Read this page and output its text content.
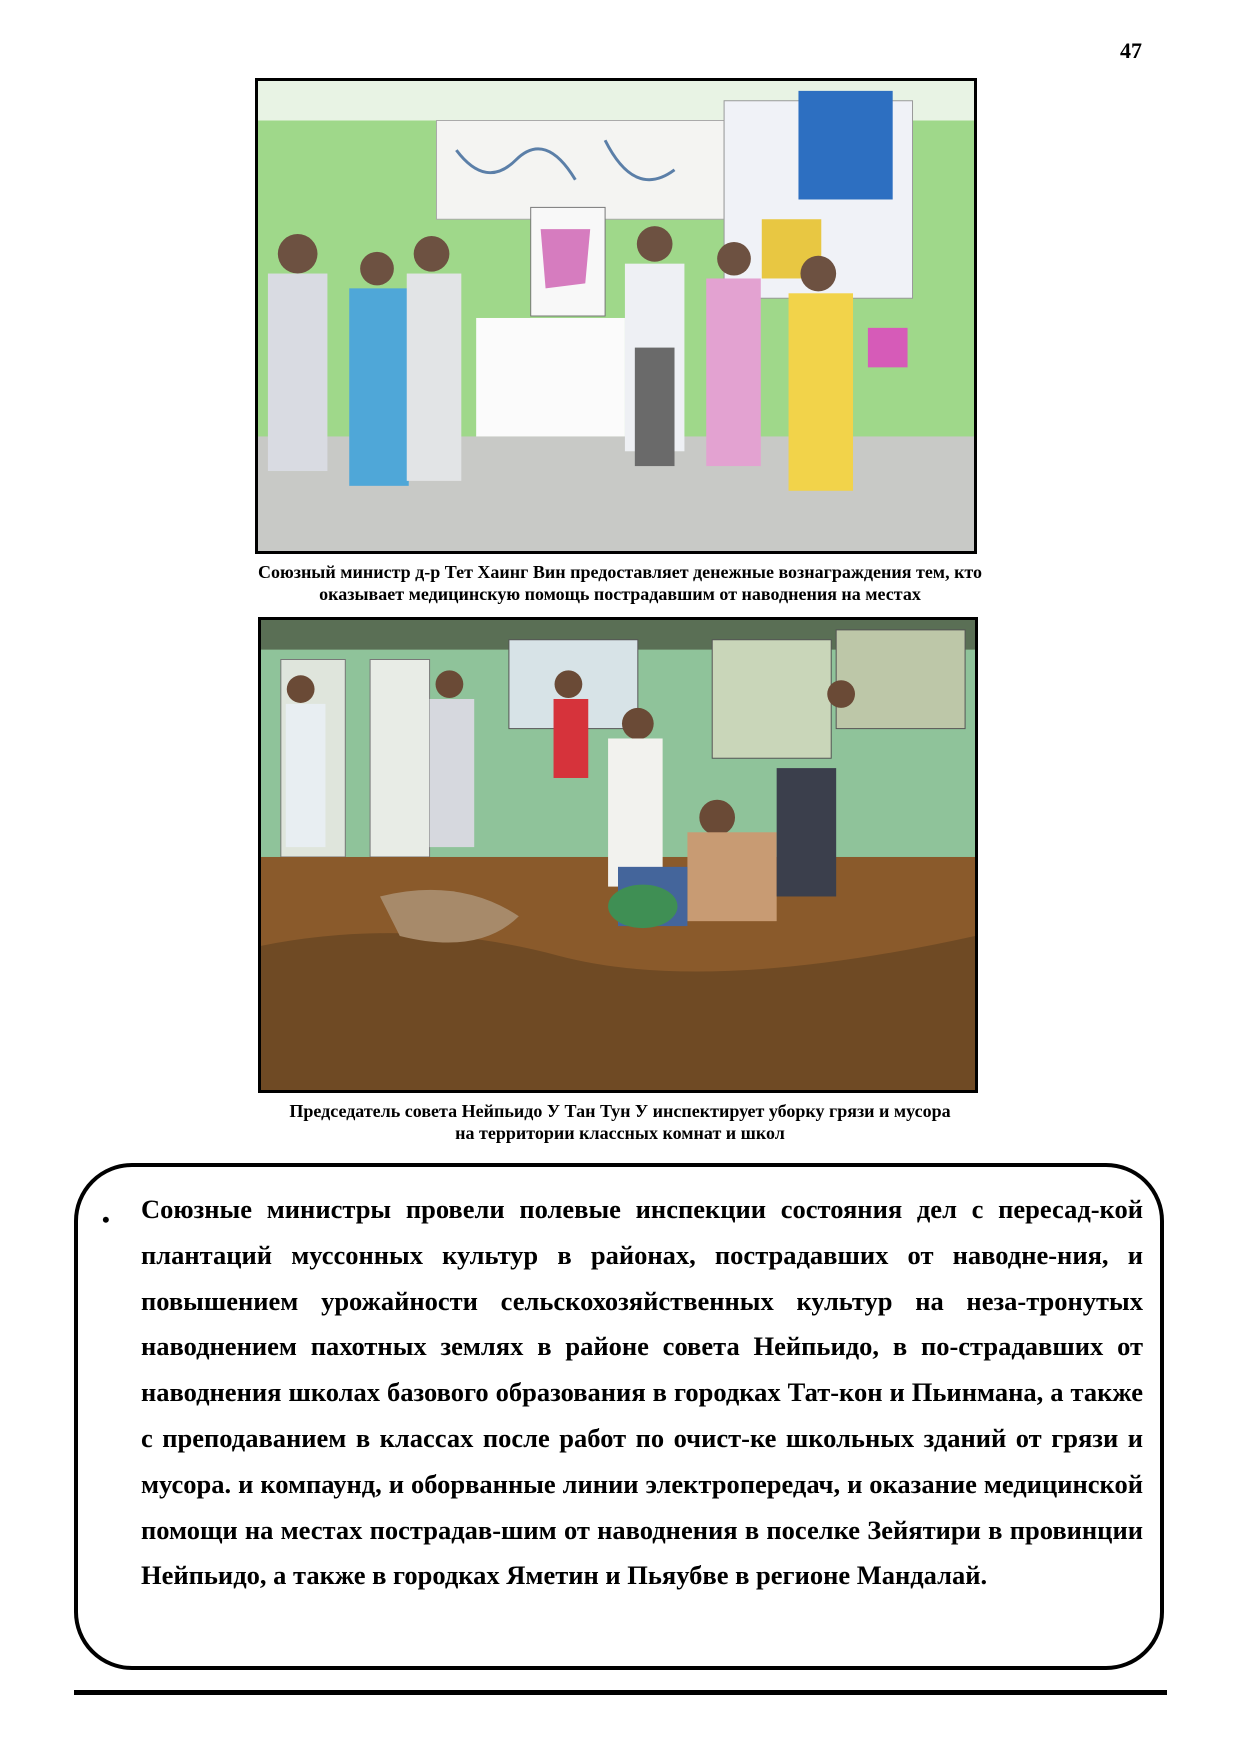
47
Союзный министр д-р Тет Хаинг Вин предоставляет денежные вознаграждения тем, кто
оказывает медицинскую помощь пострадавшим от наводнения на местах
Председатель совета Нейпьидо У Тан Тун У инспектирует уборку грязи и мусора
на территории классных комнат и школ
• Союзные министры провели полевые инспекции состояния дел с пересад-кой плантаций муссонных культур в районах, пострадавших от наводне-ния, и повышением урожайности сельскохозяйственных культур на неза-тронутых наводнением пахотных землях в районе совета Нейпьидо, в по-страдавших от наводнения школах базового образования в городках Тат-кон и Пьинмана, а также с преподаванием в классах после работ по очист-ке школьных зданий от грязи и мусора. и компаунд, и оборванные линии электропередач, и оказание медицинской помощи на местах пострадав-шим от наводнения в поселке Зейятири в провинции Нейпьидо, а также в городках Яметин и Пьяубве в регионе Мандалай.
